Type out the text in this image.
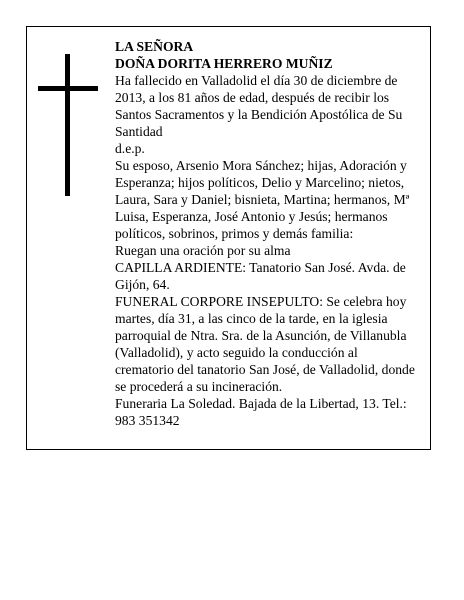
LA SEÑORA

DOÑA DORITA HERRERO MUÑIZ

Ha fallecido en Valladolid el día 30 de diciembre de 2013, a los 81 años de edad, después de recibir los Santos Sacramentos y la Bendición Apostólica de Su Santidad

d.e.p.

Su esposo, Arsenio Mora Sánchez; hijas, Adoración y Esperanza; hijos políticos, Delio y Marcelino; nietos, Laura, Sara y Daniel; bisnieta, Martina; hermanos, Mª Luisa, Esperanza, José Antonio y Jesús; hermanos políticos, sobrinos, primos y demás familia:

Ruegan una oración por su alma

CAPILLA ARDIENTE: Tanatorio San José. Avda. de Gijón, 64.

FUNERAL CORPORE INSEPULTO: Se celebra hoy martes, día 31, a las cinco de la tarde, en la iglesia parroquial de Ntra. Sra. de la Asunción, de Villanubla (Valladolid), y acto seguido la conducción al crematorio del tanatorio San José, de Valladolid, donde se procederá a su incineración.

Funeraria La Soledad. Bajada de la Libertad, 13. Tel.: 983 351342
